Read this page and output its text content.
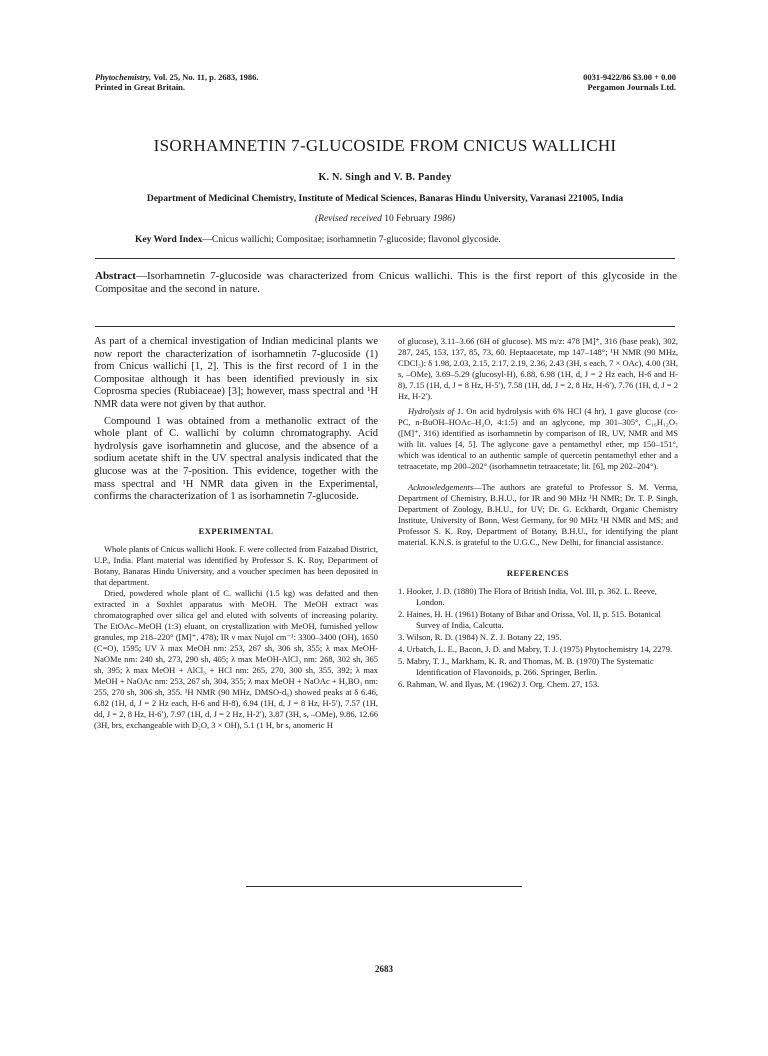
Phytochemistry, Vol. 25, No. 11, p. 2683, 1986.
Printed in Great Britain.
0031-9422/86 $3.00 + 0.00
Pergamon Journals Ltd.
ISORHAMNETIN 7-GLUCOSIDE FROM CNICUS WALLICHI
K. N. Singh and V. B. Pandey
Department of Medicinal Chemistry, Institute of Medical Sciences, Banaras Hindu University, Varanasi 221005, India
(Revised received 10 February 1986)
Key Word Index—Cnicus wallichi; Compositae; isorhamnetin 7-glucoside; flavonol glycoside.
Abstract—Isorhamnetin 7-glucoside was characterized from Cnicus wallichi. This is the first report of this glycoside in the Compositae and the second in nature.

As part of a chemical investigation of Indian medicinal plants we now report the characterization of isorhamnetin 7-glucoside (1) from Cnicus wallichi [1, 2]. This is the first record of 1 in the Compositae although it has been identified previously in six Coprosma species (Rubiaceae) [3]; however, mass spectral and ¹H NMR data were not given by that author.

Compound 1 was obtained from a methanolic extract of the whole plant of C. wallichi by column chromatography. Acid hydrolysis gave isorhamnetin and glucose, and the absence of a sodium acetate shift in the UV spectral analysis indicated that the glucose was at the 7-position. This evidence, together with the mass spectral and ¹H NMR data given in the Experimental, confirms the characterization of 1 as isorhamnetin 7-glucoside.

EXPERIMENTAL

Whole plants of Cnicus wallichi Hook. F. were collected from Faizabad District, U.P., India. Plant material was identified by Professor S. K. Roy, Department of Botany, Banaras Hindu University, and a voucher specimen has been deposited in that department.

Dried, powdered whole plant of C. wallichi (1.5 kg) was defatted and then extracted in a Soxhlet apparatus with MeOH. The MeOH extract was chromatographed over silica gel and eluted with solvents of increasing polarity. The EtOAc–MeOH (1:3) eluant, on crystallization with MeOH, furnished yellow granules, mp 218–220° ([M]⁺, 478); IR ν max Nujol cm⁻¹: 3300–3400 (OH), 1650 (C=O), 1595; UV λ max MeOH nm: 253, 267 sh, 306 sh, 355; λ max MeOH-NaOMe nm: 240 sh, 273, 290 sh, 405; λ max MeOH-AlCl₃ nm: 268, 302 sh, 365 sh, 395; λ max MeOH + AlCl₃ + HCl nm: 265, 270, 300 sh, 355, 392; λ max MeOH + NaOAc nm: 253, 267 sh, 304, 355; λ max MeOH + NaOAc + H₃BO₃ nm: 255, 270 sh, 306 sh, 355. ¹H NMR (90 MHz, DMSO-d₆) showed peaks at δ 6.46, 6.82 (1H, d, J = 2 Hz each, H-6 and H-8), 6.94 (1H, d, J = 8 Hz, H-5′), 7.57 (1H, dd, J = 2, 8 Hz, H-6′), 7.97 (1H, d, J = 2 Hz, H-2′), 3.87 (3H, s, –OMe), 9.86, 12.66 (3H, brs, exchangeable with D₂O, 3 × OH), 5.1 (1 H, br s, anomeric H

of glucose), 3.11–3.66 (6H of glucose). MS m/z: 478 [M]⁺, 316 (base peak), 302, 287, 245, 153, 137, 85, 73, 60. Heptaacetate, mp 147–148°; ¹H NMR (90 MHz, CDCl₃): δ 1.98, 2.03, 2.15, 2.17, 2.19, 2.36, 2.43 (3H, s each, 7 × OAc), 4.00 (3H, s, –OMe), 3.69–5.29 (glucosyl-H), 6.88, 6.98 (1H, d, J = 2 Hz each, H-6 and H-8), 7.15 (1H, d, J = 8 Hz, H-5′), 7.58 (1H, dd, J = 2, 8 Hz, H-6′), 7.76 (1H, d, J = 2 Hz, H-2′).

Hydrolysis of 1. On acid hydrolysis with 6% HCl (4 hr), 1 gave glucose (co-PC, n-BuOH–HOAc–H₂O, 4:1:5) and an aglycone, mp 301–305°, C₁₆H₁₂O₇ ([M]⁺, 316) identified as isorhamnetin by comparison of IR, UV, NMR and MS with lit. values [4, 5]. The aglycone gave a pentamethyl ether, mp 150–151°, which was identical to an authentic sample of quercetin pentamethyl ether and a tetraacetate, mp 200–202° (isorhamnetin tetraacetate; lit. [6], mp 202–204°).

Acknowledgements—The authors are grateful to Professor S. M. Verma, Department of Chemistry, B.H.U., for IR and 90 MHz ¹H NMR; Dr. T. P. Singh, Department of Zoology, B.H.U., for UV; Dr. G. Eckhardt, Organic Chemistry Institute, University of Bonn, West Germany, for 90 MHz ¹H NMR and MS; and Professor S. K. Roy, Department of Botany, B.H.U., for identifying the plant material. K.N.S. is grateful to the U.G.C., New Delhi, for financial assistance.

REFERENCES

1. Hooker, J. D. (1880) The Flora of British India, Vol. III, p. 362. L. Reeve, London.

2. Haines, H. H. (1961) Botany of Bihar and Orissa, Vol. II, p. 515. Botanical Survey of India, Calcutta.

3. Wilson, R. D. (1984) N. Z. J. Botany 22, 195.

4. Urbatch, L. E., Bacon, J. D. and Mabry, T. J. (1975) Phytochemistry 14, 2279.

5. Mabry, T. J., Markham, K. R. and Thomas, M. B. (1970) The Systematic Identification of Flavonoids, p. 266. Springer, Berlin.

6. Rahman, W. and Ilyas, M. (1962) J. Org. Chem. 27, 153.

2683
